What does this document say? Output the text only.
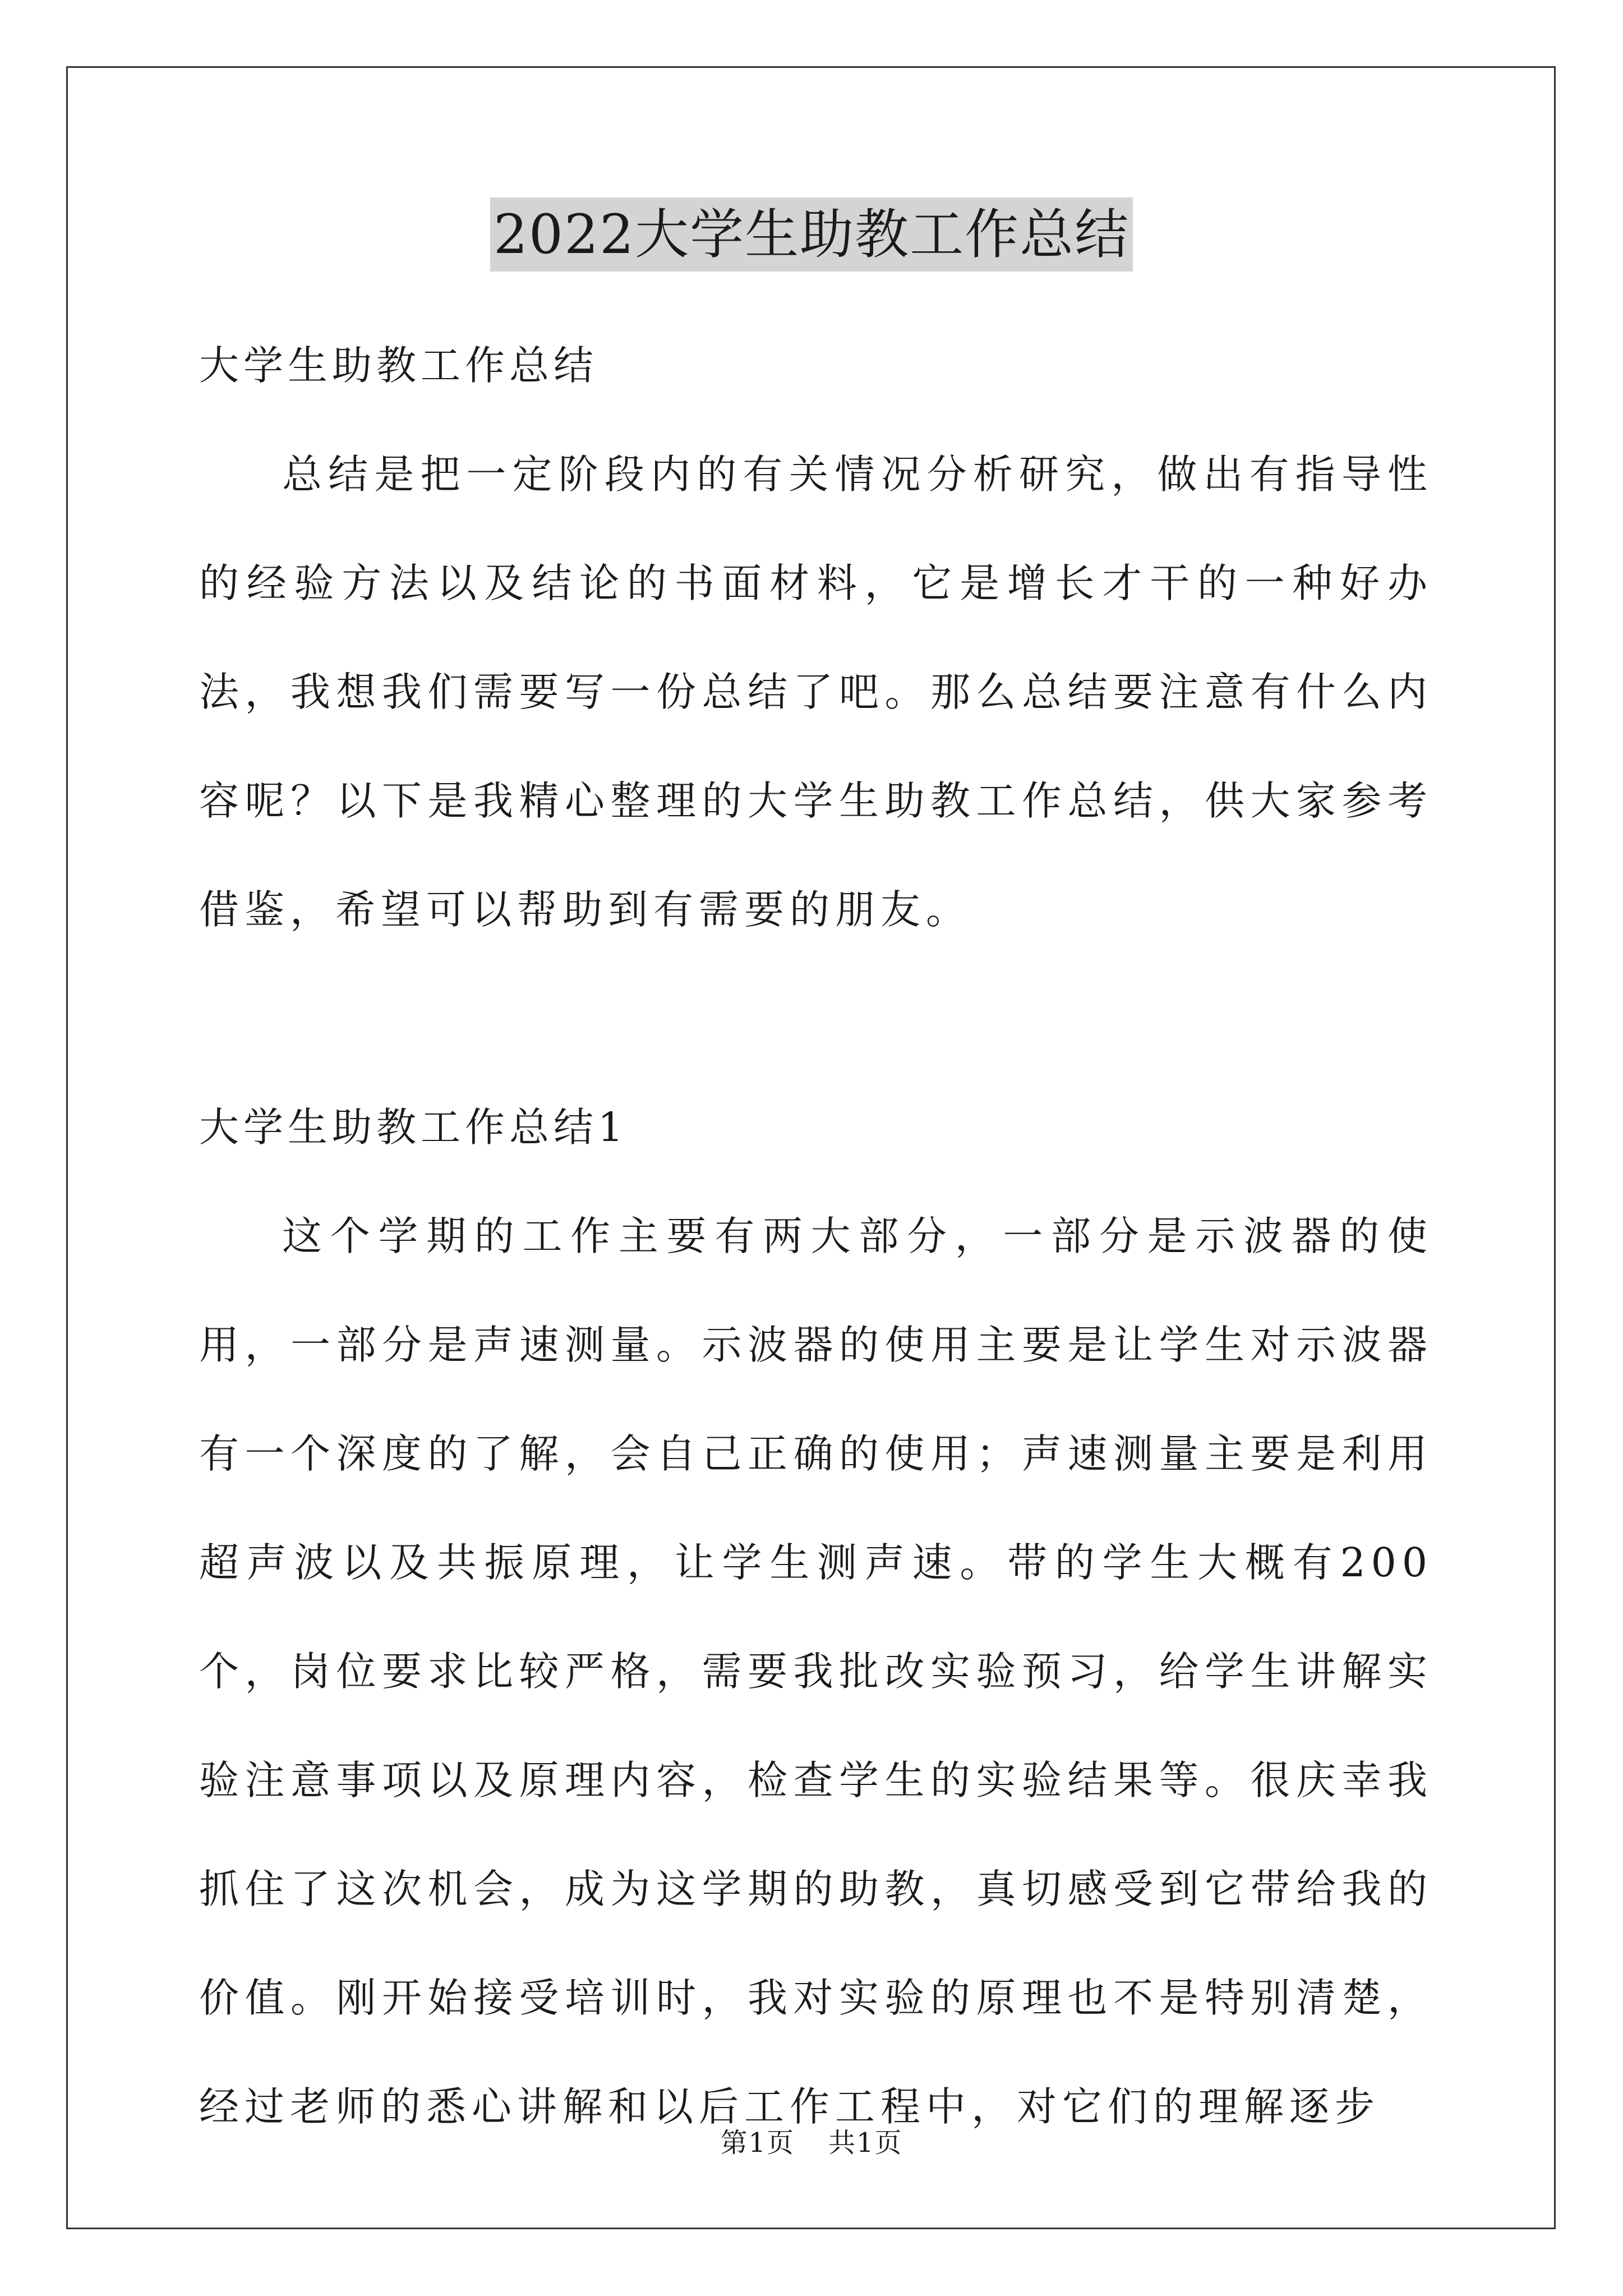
2022大学生助教工作总结

大学生助教工作总结

总结是把一定阶段内的有关情况分析研究，做出有指导性的经验方法以及结论的书面材料，它是增长才干的一种好办法，我想我们需要写一份总结了吧。那么总结要注意有什么内容呢？以下是我精心整理的大学生助教工作总结，供大家参考借鉴，希望可以帮助到有需要的朋友。

大学生助教工作总结1

这个学期的工作主要有两大部分，一部分是示波器的使用，一部分是声速测量。示波器的使用主要是让学生对示波器有一个深度的了解，会自己正确的使用；声速测量主要是利用超声波以及共振原理，让学生测声速。带的学生大概有200个，岗位要求比较严格，需要我批改实验预习，给学生讲解实验注意事项以及原理内容，检查学生的实验结果等。很庆幸我抓住了这次机会，成为这学期的助教，真切感受到它带给我的价值。刚开始接受培训时，我对实验的原理也不是特别清楚，经过老师的悉心讲解和以后工作工程中，对它们的理解逐步

第1页 共1页
